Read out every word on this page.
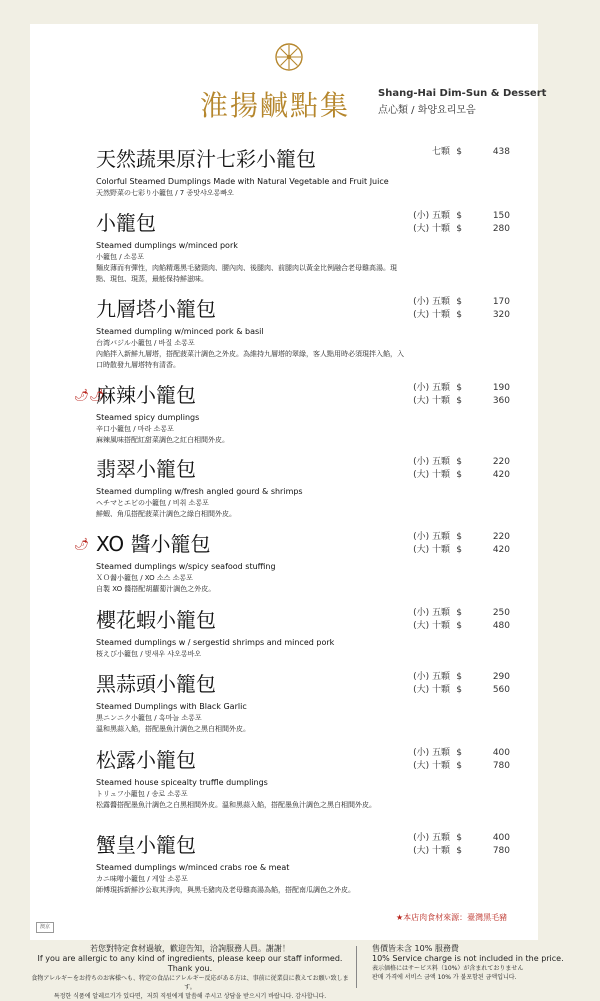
淮揚鹹點集	Shang-Hai Dim-Sun & Dessert
点心類 / 화양요리모음
天然蔬果原汁七彩小籠包
Colorful Steamed Dumplings Made with Natural Vegetable and Fruit Juice
天然野菜の七彩り小籠包 / 7 종맛샤오롱빠오
七顆 $	438
小籠包
Steamed dumplings w/minced pork
小籠包 / 소롱포
麵皮薄而有彈性，肉餡精選黑毛豬頸肉、腰內肉、後腿肉、前腿肉以黃金比例融合老母雞高湯。現點、現包、現蒸，最能保持鮮滋味。
(小) 五顆 $	150
(大) 十顆 $	280
九層塔小籠包
Steamed dumpling w/minced pork & basil
台湾バジル小籠包 / 바질 소롱포
內餡拌入新鮮九層塔，搭配菠菜汁調色之外皮。為維持九層塔的翠綠，客人點用時必須現拌入餡，入口時散發九層塔特有清香。
(小) 五顆 $	170
(大) 十顆 $	320
🌶🌶
麻辣小籠包
Steamed spicy dumplings
辛口小籠包 / 마라 소롱포
麻辣風味搭配紅甜菜調色之紅白相間外皮。
(小) 五顆 $	190
(大) 十顆 $	360
翡翠小籠包
Steamed dumpling w/fresh angled gourd & shrimps
ヘチマとエビの小籠包 / 비취 소롱포
鮮蝦、角瓜搭配菠菜汁調色之綠白相間外皮。
(小) 五顆 $	220
(大) 十顆 $	420
🌶 XO 醬小籠包
Steamed dumplings w/spicy seafood stuffing
ＸＯ醤小籠包 / XO 소스 소롱포
自製 XO 醬搭配胡蘿蔔汁調色之外皮。
(小) 五顆 $	220
(大) 十顆 $	420
櫻花蝦小籠包
Steamed dumplings w / sergestid shrimps and minced pork
桜えび小籠包 / 벚새우 샤오롱바오
(小) 五顆 $	250
(大) 十顆 $	480
黑蒜頭小籠包
Steamed Dumplings with Black Garlic
黒ニンニク小籠包 / 흑마늘 소롱포
溫和黑蒜入餡，搭配墨魚汁調色之黑白相間外皮。
(小) 五顆 $	290
(大) 十顆 $	560
松露小籠包
Steamed house spicealty truffle dumplings
トリュフ小籠包 / 송로 소롱포
松露醬搭配墨魚汁調色之白黑相間外皮。溫和黑蒜入餡，搭配墨魚汁調色之黑白相間外皮。
(小) 五顆 $	400
(大) 十顆 $	780
蟹皇小籠包
Steamed dumplings w/minced crabs roe & meat
カニ味噌小籠包 / 게알 소롱포
師傅現拆新鮮沙公取其淨肉，與黑毛豬肉及老母雞高湯為餡，搭配南瓜調色之外皮。
(小) 五顆 $	400
(大) 十顆 $	780
★本店肉食材來源：臺灣黑毛豬
澳京
若您對特定食材過敏，歡迎告知，洽詢服務人員。謝謝！
If you are allergic to any kind of ingredients, please keep our staff informed. Thank you.
食物アレルギーをお持ちのお客様へも、特定の食品にアレルギー反応がある方は、事前に従業員に教えてお願い致します。
특정한 식품에 알레르기가 있다면，저희 직원에게 말씀해 주시고 상담을 받으시기 바랍니다. 감사합니다.
售價皆未含 10% 服務費
10% Service charge is not included in the price.
表示価格にはサービス料（10%）が含まれておりません
판매 가격에 서비스 금액 10% 가 불포함된 금액입니다.
